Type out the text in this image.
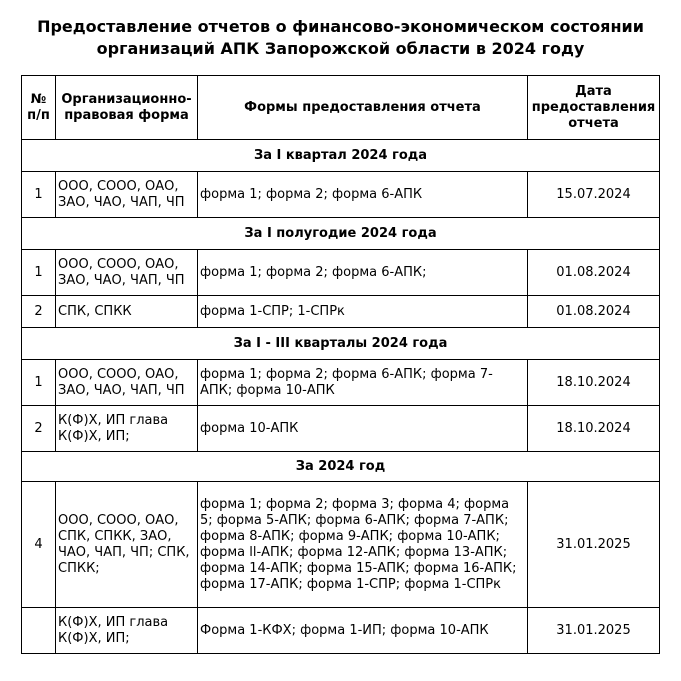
Предоставление отчетов о финансово-экономическом состоянии
организаций АПК Запорожской области в 2024 году
№ п/п	Организационно-правовая форма	Формы предоставления отчета	Дата предоставления отчета
За I квартал 2024 года			
1	ООО, СООО, ОАО, ЗАО, ЧАО, ЧАП, ЧП	форма 1; форма 2; форма 6-АПК	15.07.2024
За I полугодие 2024 года			
1	ООО, СООО, ОАО, ЗАО, ЧАО, ЧАП, ЧП	форма 1; форма 2; форма 6-АПК;	01.08.2024
2	СПК, СПКК	форма 1-СПР; 1-СПРк	01.08.2024
За I - III кварталы 2024 года			
1	ООО, СООО, ОАО, ЗАО, ЧАО, ЧАП, ЧП	форма 1; форма 2; форма 6-АПК; форма 7-АПК; форма 10-АПК	18.10.2024
2	К(Ф)Х, ИП глава К(Ф)Х, ИП;	форма 10-АПК	18.10.2024
За 2024 год			
4	ООО, СООО, ОАО, СПК, СПКК, ЗАО, ЧАО, ЧАП, ЧП; СПК, СПКК;	форма 1; форма 2; форма 3; форма 4; форма 5; форма 5-АПК; форма 6-АПК; форма 7-АПК; форма 8-АПК; форма 9-АПК; форма 10-АПК; форма ll-АПК; форма 12-АПК; форма 13-АПК; форма 14-АПК; форма 15-АПК; форма 16-АПК; форма 17-АПК; форма 1-СПР; форма 1-СПРк	31.01.2025
	К(Ф)Х, ИП глава К(Ф)Х, ИП;	Форма 1-КФХ; форма 1-ИП; форма 10-АПК	31.01.2025
